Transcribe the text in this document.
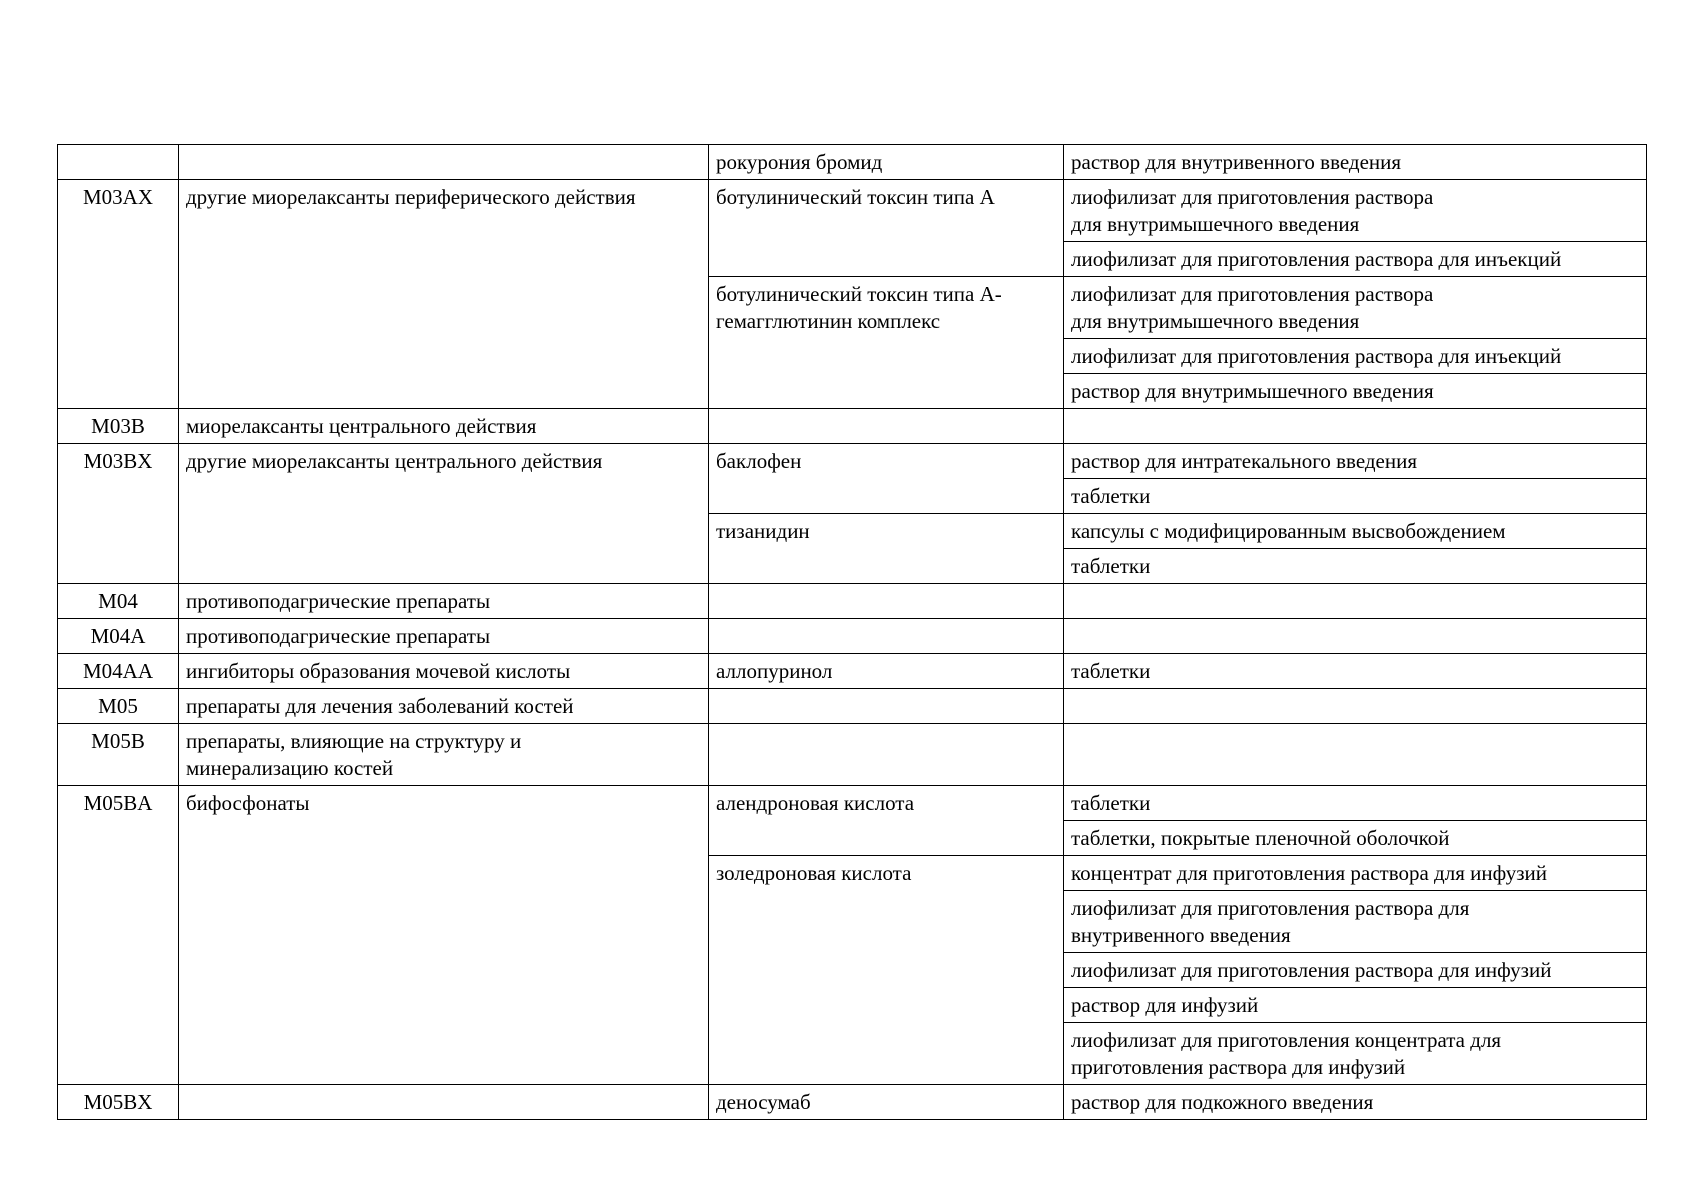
		рокурония бромид	раствор для внутривенного введения
M03AX	другие миорелаксанты периферического действия	ботулинический токсин типа A	лиофилизат для приготовления раствора
для внутримышечного введения
			лиофилизат для приготовления раствора для инъекций
		ботулинический токсин типа A-гемагглютинин комплекс	лиофилизат для приготовления раствора
для внутримышечного введения
			лиофилизат для приготовления раствора для инъекций
			раствор для внутримышечного введения
M03B	миорелаксанты центрального действия		
M03BX	другие миорелаксанты центрального действия	баклофен	раствор для интратекального введения
			таблетки
		тизанидин	капсулы с модифицированным высвобождением
			таблетки
M04	противоподагрические препараты		
M04A	противоподагрические препараты		
M04AA	ингибиторы образования мочевой кислоты	аллопуринол	таблетки
M05	препараты для лечения заболеваний костей		
M05B	препараты, влияющие на структуру и
минерализацию костей		
M05BA	бифосфонаты	алендроновая кислота	таблетки
			таблетки, покрытые пленочной оболочкой
		золедроновая кислота	концентрат для приготовления раствора для инфузий
			лиофилизат для приготовления раствора для
внутривенного введения
			лиофилизат для приготовления раствора для инфузий
			раствор для инфузий
			лиофилизат для приготовления концентрата для
приготовления раствора для инфузий
M05BX		деносумаб	раствор для подкожного введения
